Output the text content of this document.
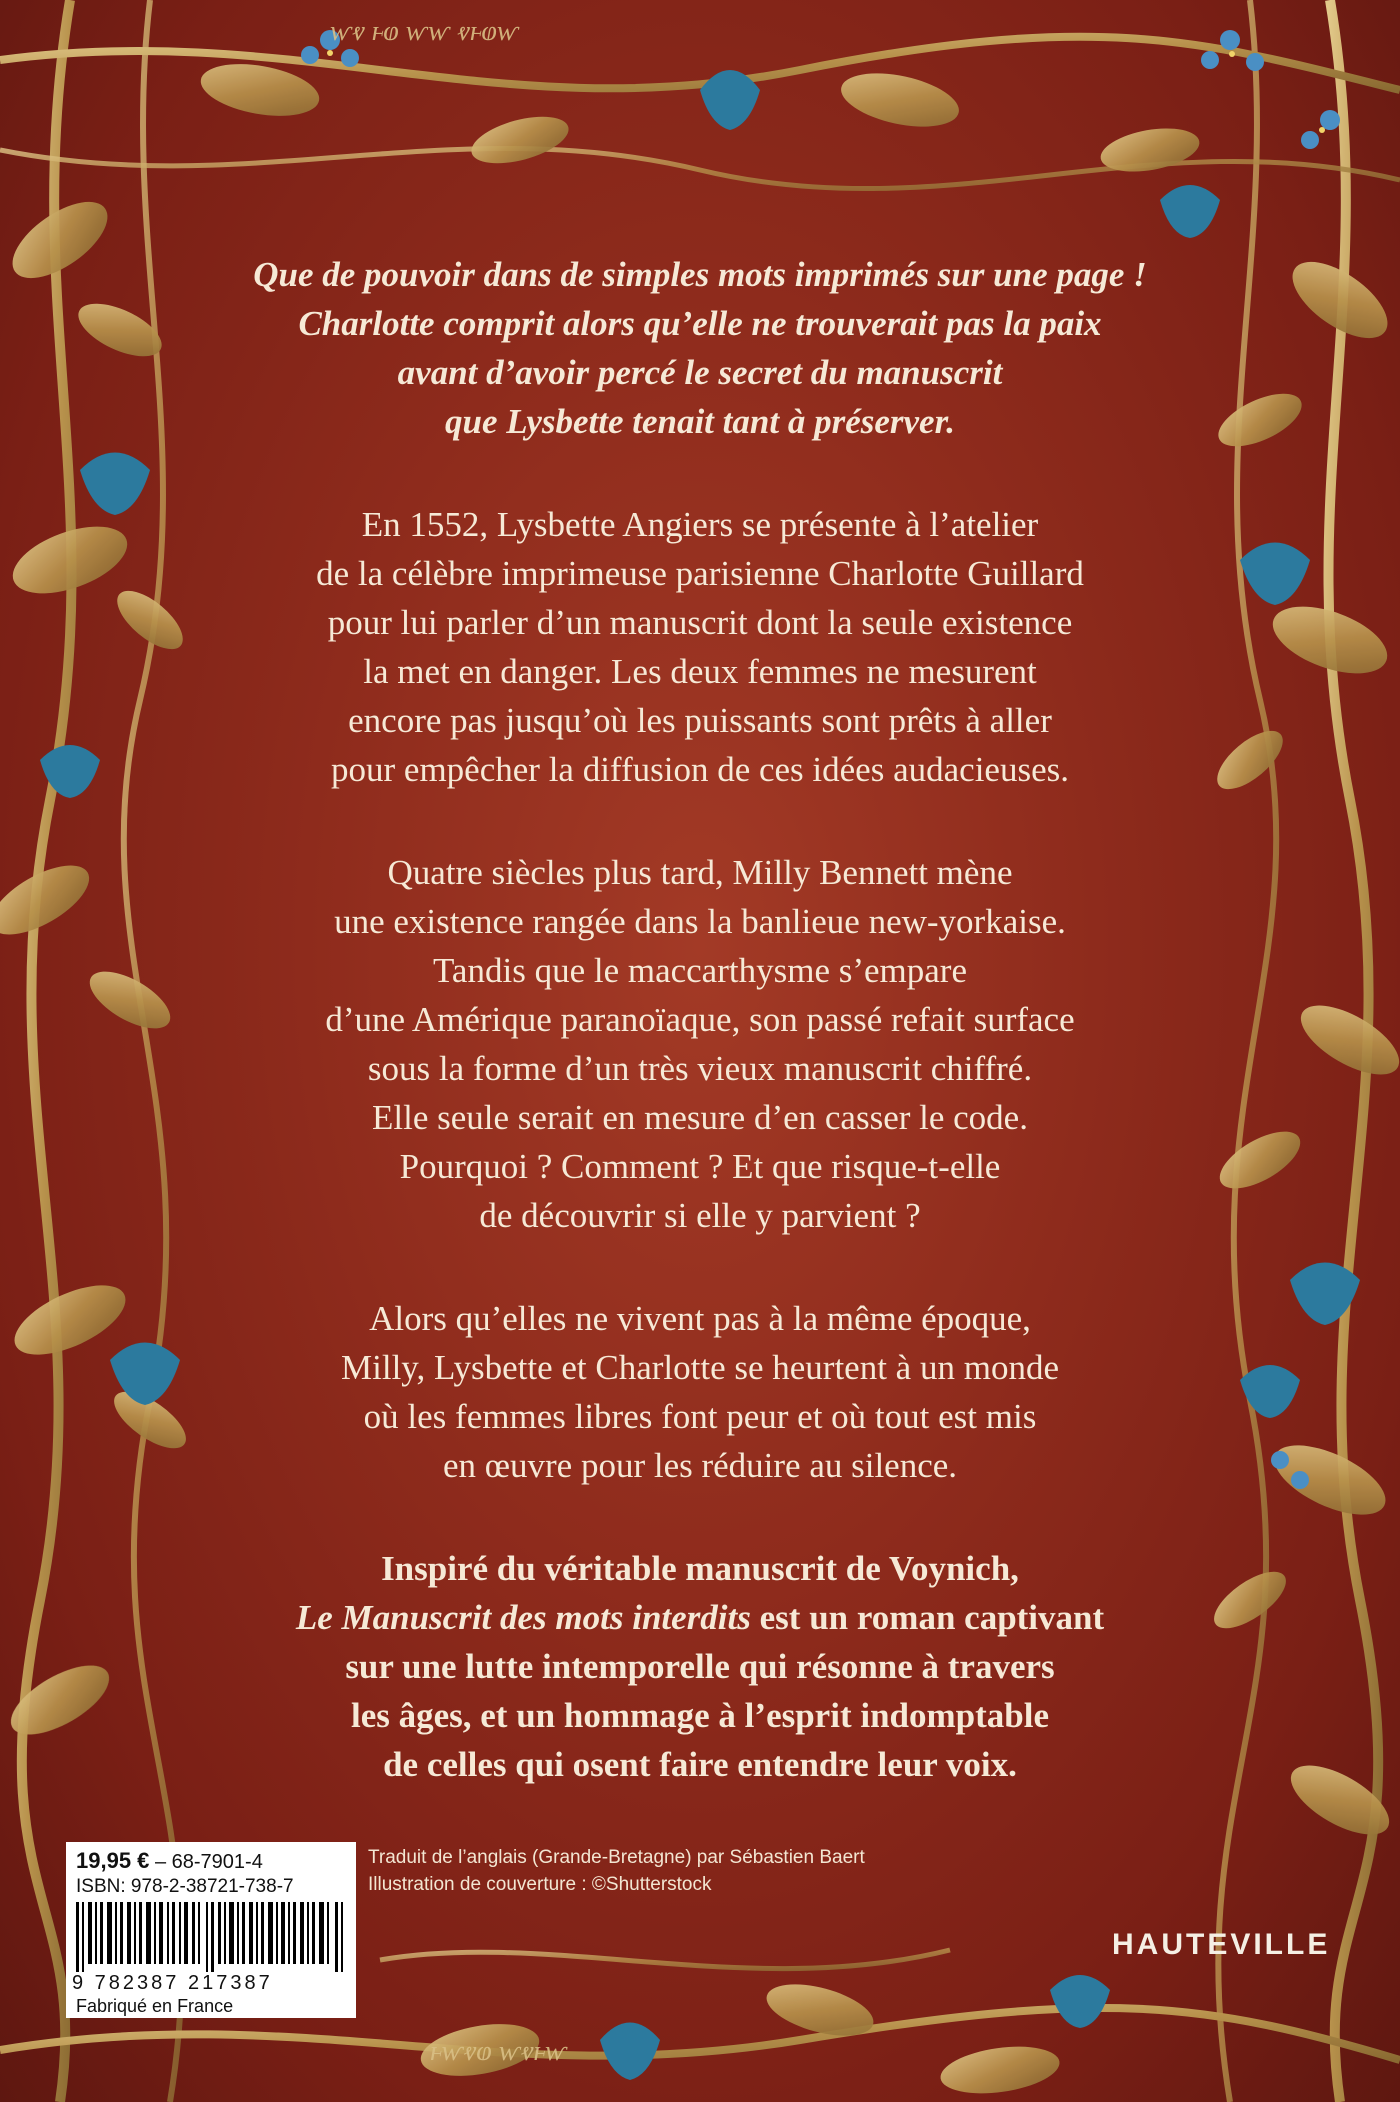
ⱳⱴ ⱶⱷ ⱳⱳ ⱴⱶⱷⱳ
ⱶⱳⱴⱷ ⱳⱴⱶⱳ
Que de pouvoir dans de simples mots imprimés sur une page !
Charlotte comprit alors qu’elle ne trouverait pas la paix
avant d’avoir percé le secret du manuscrit
que Lysbette tenait tant à préserver.

En 1552, Lysbette Angiers se présente à l’atelier
de la célèbre imprimeuse parisienne Charlotte Guillard
pour lui parler d’un manuscrit dont la seule existence
la met en danger. Les deux femmes ne mesurent
encore pas jusqu’où les puissants sont prêts à aller
pour empêcher la diffusion de ces idées audacieuses.

Quatre siècles plus tard, Milly Bennett mène
une existence rangée dans la banlieue new-yorkaise.
Tandis que le maccarthysme s’empare
d’une Amérique paranoïaque, son passé refait surface
sous la forme d’un très vieux manuscrit chiffré.
Elle seule serait en mesure d’en casser le code.
Pourquoi ? Comment ? Et que risque-t-elle
de découvrir si elle y parvient ?

Alors qu’elles ne vivent pas à la même époque,
Milly, Lysbette et Charlotte se heurtent à un monde
où les femmes libres font peur et où tout est mis
en œuvre pour les réduire au silence.

Inspiré du véritable manuscrit de Voynich,
Le Manuscrit des mots interdits est un roman captivant
sur une lutte intemporelle qui résonne à travers
les âges, et un hommage à l’esprit indomptable
de celles qui osent faire entendre leur voix.

19,95 € – 68-7901-4
ISBN: 978-2-38721-738-7
9 782387 217387
Fabriqué en France
Traduit de l’anglais (Grande-Bretagne) par Sébastien Baert
Illustration de couverture : ©Shutterstock
HAUTEVILLE
